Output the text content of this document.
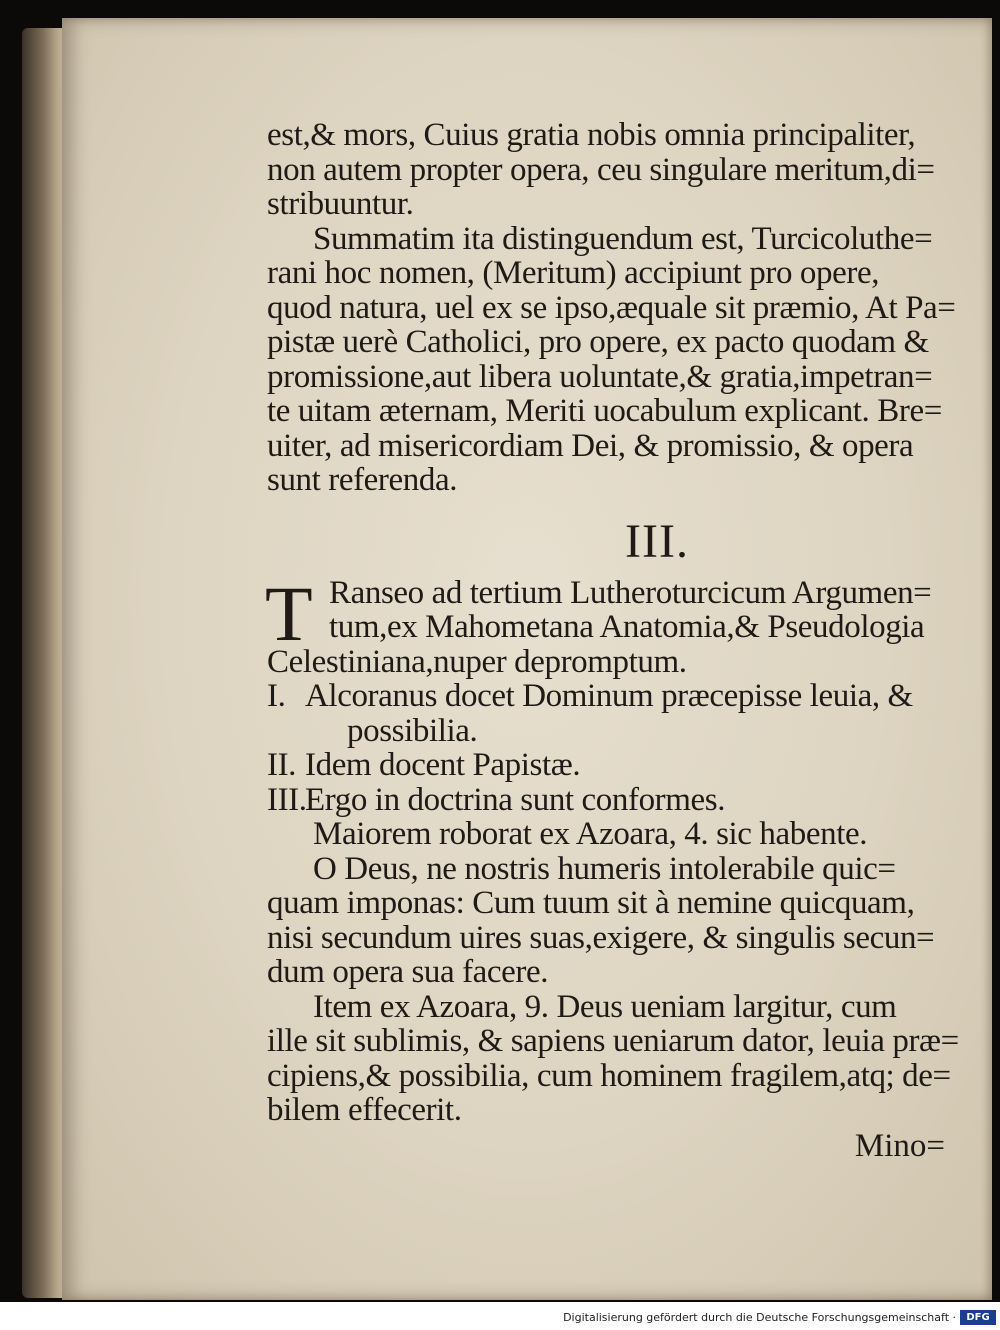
est,& mors, Cuius gratia nobis omnia principaliter,
non autem propter opera, ceu singulare meritum,di=
stribuuntur.
Summatim ita distinguendum est, Turcicoluthe=
rani hoc nomen, (Meritum) accipiunt pro opere,
quod natura, uel ex se ipso,æquale sit præmio, At Pa=
pistæ uerè Catholici, pro opere, ex pacto quodam &
promissione,aut libera uoluntate,& gratia,impetran=
te uitam æternam, Meriti uocabulum explicant. Bre=
uiter, ad misericordiam Dei, & promissio, & opera
sunt referenda.
III.
T Ranseo ad tertium Lutheroturcicum Argumen=
tum,ex Mahometana Anatomia,& Pseudologia
Celestiniana,nuper depromptum.
I. Alcoranus docet Dominum præcepisse leuia, &
possibilia.
II. Idem docent Papistæ.
III.Ergo in doctrina sunt conformes.
Maiorem roborat ex Azoara, 4. sic habente.
O Deus, ne nostris humeris intolerabile quic=
quam imponas: Cum tuum sit à nemine quicquam,
nisi secundum uires suas,exigere, & singulis secun=
dum opera sua facere.
Item ex Azoara, 9. Deus ueniam largitur, cum
ille sit sublimis, & sapiens ueniarum dator, leuia præ=
cipiens,& possibilia, cum hominem fragilem,atq; de=
bilem effecerit.
Mino=
Digitalisierung gefördert durch die Deutsche Forschungsgemeinschaft ·	DFG
